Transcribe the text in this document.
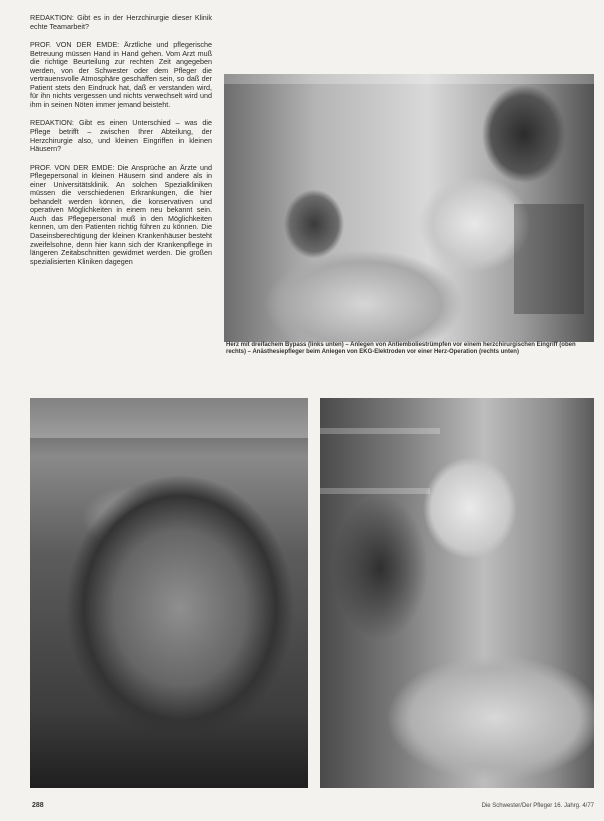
REDAKTION: Gibt es in der Herzchirurgie dieser Klinik echte Teamarbeit?

PROF. VON DER EMDE: Ärztliche und pflegerische Betreuung müssen Hand in Hand gehen. Vom Arzt muß die richtige Beurteilung zur rechten Zeit angegeben werden, von der Schwester oder dem Pfleger die vertrauensvolle Atmosphäre geschaffen sein, so daß der Patient stets den Eindruck hat, daß er verstanden wird, für ihn nichts vergessen und nichts verwechselt wird und ihm in seinen Nöten immer jemand beisteht.

REDAKTION: Gibt es einen Unterschied – was die Pflege betrifft – zwischen Ihrer Abteilung, der Herzchirurgie also, und kleinen Eingriffen in kleinen Häusern?

PROF. VON DER EMDE: Die Ansprüche an Ärzte und Pflegepersonal in kleinen Häusern sind andere als in einer Universitätsklinik. An solchen Spezialkliniken müssen die verschiedenen Erkrankungen, die hier behandelt werden können, die konservativen und operativen Möglichkeiten in einem neu bekannt sein. Auch das Pflegepersonal muß in den Möglichkeiten kennen, um den Patienten richtig führen zu können. Die Daseinsberechtigung der kleinen Krankenhäuser besteht zweifelsohne, denn hier kann sich der Krankenpflege in längeren Zeitabschnitten gewidmet werden. Die großen spezialisierten Kliniken dagegen

Herz mit dreifachem Bypass (links unten) – Anlegen von Antiemboliestrümpfen vor einem herzchirurgischen Eingriff (oben rechts) – Anästhesiepfleger beim Anlegen von EKG-Elektroden vor einer Herz-Operation (rechts unten)
288	Die Schwester/Der Pfleger 16. Jahrg. 4/77
